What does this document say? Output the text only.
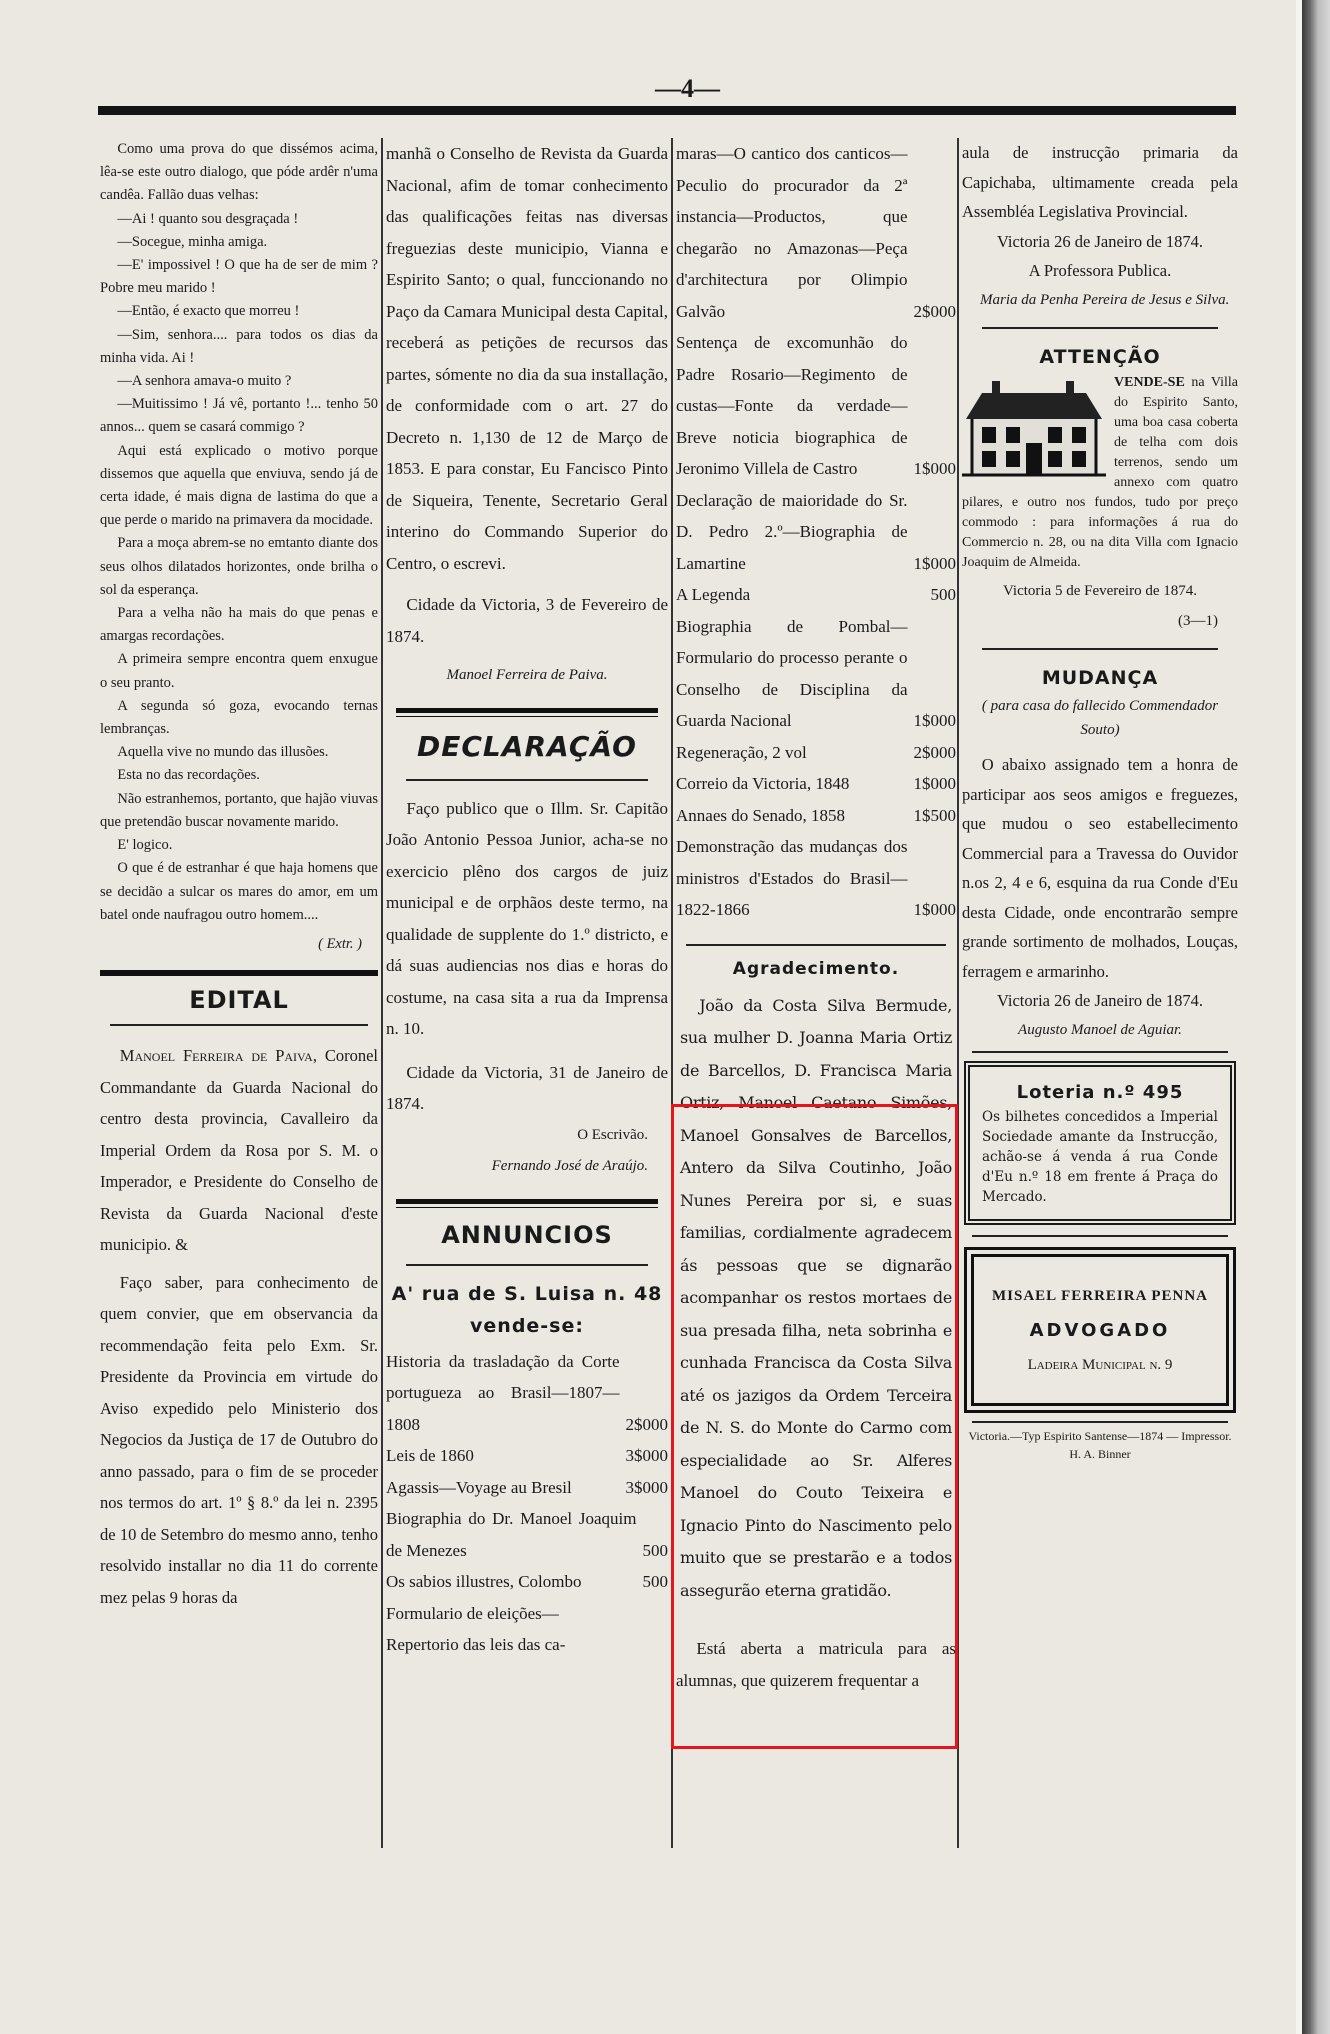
—4—

Como uma prova do que dissémos acima, lêa-se este outro dialogo, que póde ardêr n'uma candêa. Fallão duas velhas:

—Ai ! quanto sou desgraçada !

—Socegue, minha amiga.

—E' impossivel ! O que ha de ser de mim ? Pobre meu marido !

—Então, é exacto que morreu !

—Sim, senhora.... para todos os dias da minha vida. Ai !

—A senhora amava-o muito ?

—Muitissimo ! Já vê, portanto !... tenho 50 annos... quem se casará commigo ?

Aqui está explicado o motivo porque dissemos que aquella que enviuva, sendo já de certa idade, é mais digna de lastima do que a que perde o marido na primavera da mocidade.

Para a moça abrem-se no emtanto diante dos seus olhos dilatados horizontes, onde brilha o sol da esperança.

Para a velha não ha mais do que penas e amargas recordações.

A primeira sempre encontra quem enxugue o seu pranto.

A segunda só goza, evocando ternas lembranças.

Aquella vive no mundo das illusões.

Esta no das recordações.

Não estranhemos, portanto, que hajão viuvas que pretendão buscar novamente marido.

E' logico.

O que é de estranhar é que haja homens que se decidão a sulcar os mares do amor, em um batel onde naufragou outro homem....

( Extr. )

EDITAL

Manoel Ferreira de Paiva, Coronel Commandante da Guarda Nacional do centro desta provincia, Cavalleiro da Imperial Ordem da Rosa por S. M. o Imperador, e Presidente do Conselho de Revista da Guarda Nacional d'este municipio. &

Faço saber, para conhecimento de quem convier, que em observancia da recommendação feita pelo Exm. Sr. Presidente da Provincia em virtude do Aviso expedido pelo Ministerio dos Negocios da Justiça de 17 de Outubro do anno passado, para o fim de se proceder nos termos do art. 1º § 8.º da lei n. 2395 de 10 de Setembro do mesmo anno, tenho resolvido installar no dia 11 do corrente mez pelas 9 horas da

manhã o Conselho de Revista da Guarda Nacional, afim de tomar conhecimento das qualificações feitas nas diversas freguezias deste municipio, Vianna e Espirito Santo; o qual, funccionando no Paço da Camara Municipal desta Capital, receberá as petições de recursos das partes, sómente no dia da sua installação, de conformidade com o art. 27 do Decreto n. 1,130 de 12 de Março de 1853. E para constar, Eu Fancisco Pinto de Siqueira, Tenente, Secretario Geral interino do Commando Superior do Centro, o escrevi.

Cidade da Victoria, 3 de Fevereiro de 1874.

Manoel Ferreira de Paiva.

DECLARAÇÃO

Faço publico que o Illm. Sr. Capitão João Antonio Pessoa Junior, acha-se no exercicio plêno dos cargos de juiz municipal e de orphãos deste termo, na qualidade de supplente do 1.º districto, e dá suas audiencias nos dias e horas do costume, na casa sita a rua da Imprensa n. 10.

Cidade da Victoria, 31 de Janeiro de 1874.

O Escrivão.

Fernando José de Araújo.

ANNUNCIOS
A' rua de S. Luisa n. 48 vende-se:
Historia da trasladação da Corte portugueza ao Brasil—1807—1808	2$000
Leis de 1860	3$000
Agassis—Voyage au Bresil	3$000
Biographia do Dr. Manoel Joaquim de Menezes	500
Os sabios illustres, Colombo	500
Formulario de eleições—
Repertorio das leis das ca-
maras—O cantico dos canticos—Peculio do procurador da 2ª instancia—Productos, que chegarão no Amazonas—Peça d'architectura por Olimpio Galvão	2$000
Sentença de excomunhão do Padre Rosario—Regimento de custas—Fonte da verdade—Breve noticia biographica de Jeronimo Villela de Castro	1$000
Declaração de maioridade do Sr. D. Pedro 2.º—Biographia de Lamartine	1$000
A Legenda	500
Biographia de Pombal—Formulario do processo perante o Conselho de Disciplina da Guarda Nacional	1$000
Regeneração, 2 vol	2$000
Correio da Victoria, 1848	1$000
Annaes do Senado, 1858	1$500
Demonstração das mudanças dos ministros d'Estados do Brasil—1822-1866	1$000
Agradecimento.

João da Costa Silva Bermude, sua mulher D. Joanna Maria Ortiz de Barcellos, D. Francisca Maria Ortiz, Manoel Caetano Simões, Manoel Gonsalves de Barcellos, Antero da Silva Coutinho, João Nunes Pereira por si, e suas familias, cordialmente agradecem ás pessoas que se dignarão acompanhar os restos mortaes de sua presada filha, neta sobrinha e cunhada Francisca da Costa Silva até os jazigos da Ordem Terceira de N. S. do Monte do Carmo com especialidade ao Sr. Alferes Manoel do Couto Teixeira e Ignacio Pinto do Nascimento pelo muito que se prestarão e a todos assegurão eterna gratidão.

Está aberta a matricula para as alumnas, que quizerem frequentar a

aula de instrucção primaria da Capichaba, ultimamente creada pela Assembléa Legislativa Provincial.

Victoria 26 de Janeiro de 1874.

A Professora Publica.

Maria da Penha Pereira de Jesus e Silva.

ATTENÇÃO
VENDE-SE na Villa do Espirito Santo, uma boa casa coberta de telha com dois terrenos, sendo um annexo com quatro pilares, e outro nos fundos, tudo por preço commodo : para informações á rua do Commercio n. 28, ou na dita Villa com Ignacio Joaquim de Almeida.

Victoria 5 de Fevereiro de 1874.

(3—1)

MUDANÇA

( para casa do fallecido Commendador Souto)

O abaixo assignado tem a honra de participar aos seos amigos e freguezes, que mudou o seo estabellecimento Commercial para a Travessa do Ouvidor n.os 2, 4 e 6, esquina da rua Conde d'Eu desta Cidade, onde encontrarão sempre grande sortimento de molhados, Louças, ferragem e armarinho.

Victoria 26 de Janeiro de 1874.

Augusto Manoel de Aguiar.

Loteria n.º 495

Os bilhetes concedidos a Imperial Sociedade amante da Instrucção, achão-se á venda á rua Conde d'Eu n.º 18 em frente á Praça do Mercado.

MISAEL FERREIRA PENNA
ADVOGADO
Ladeira Municipal n. 9

Victoria.—Typ Espirito Santense—1874 — Impressor. H. A. Binner
